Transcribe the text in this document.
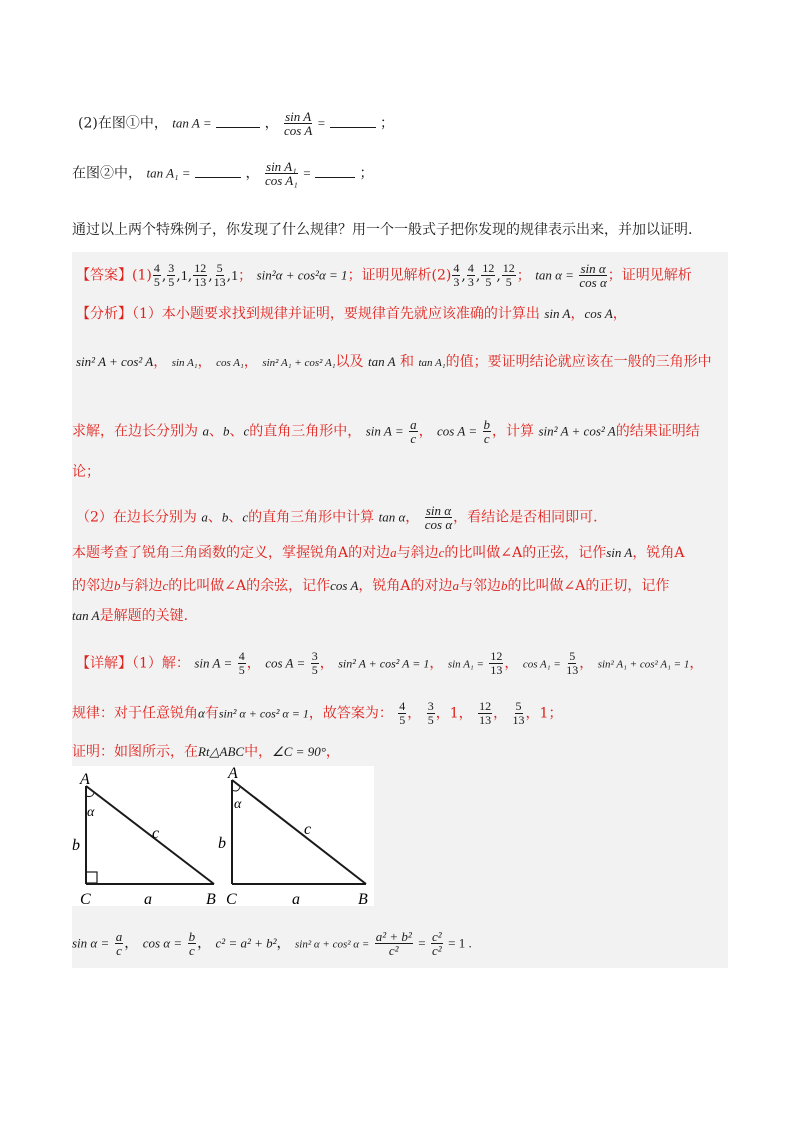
(2)在图①中， tan A =	， $\frac{\text{sin A}}{\text{cos A}}$ =	；
在图②中， tan A₁ =	， $\frac{\text{sin A₁}}{\text{cos A₁}}$ =	；
通过以上两个特殊例子，你发现了什么规律？用一个一般式子把你发现的规律表示出来，并加以证明.
【答案】$(1) \frac{4}{5}$ , $\frac{3}{5} ,1$, $\frac{12}{13}$ , $\frac{5}{13} ,1$； sin²α + cos²α = 1；证明见解析$(2) \frac{4}{3}$ , $\frac{4}{3}$ , $\frac{12}{5}$ , $\frac{12}{5}$ ； $\tan \alpha = \frac{\text{sin α}}{\text{cos α}}$ ；证明见解析
【分析】（1）本小题要求找到规律并证明，要规律首先就应该准确的计算出 sin A，cos A，
sin² A + cos² A， sin A₁， cos A₁， sin² A₁ + cos² A₁以及 tan A 和 tan A₁的值；要证明结论就应该在一般的三角形中
求解，在边长分别为 a、b、c的直角三角形中， $\sin A = \frac{a}{c}$ ， $\cos A = \frac{b}{c}$ ，计算 sin² A + cos² A的结果证明结
论；
（2）在边长分别为 a、b、c的直角三角形中计算 tan α， $\frac{\text{sin α}}{\text{cos α}}$ ，看结论是否相同即可.
本题考查了锐角三角函数的定义，掌握锐角A的对边a与斜边c的比叫做∠A的正弦，记作sin A，锐角A
的邻边b与斜边c的比叫做∠A的余弦，记作cos A，锐角A的对边a与邻边b的比叫做∠A的正切，记作
tan A是解题的关键.
【详解】（1）解： $\sin A = \frac{4}{5}$ ， $\cos A = \frac{3}{5}$ ， sin² A + cos² A = 1， $\sin A_1 = \frac{12}{13}$ ， $\cos A_1 = \frac{5}{13}$ ， sin² A₁ + cos² A₁ = 1，
规律：对于任意锐角α有sin² α + cos² α = 1，故答案为： $\frac{4}{5}$ ， $\frac{3}{5}$ ，1， $\frac{12}{13}$ ， $\frac{5}{13}$ ，1；
证明：如图所示，在Rt△ABC中，∠C = 90°，
A
α
b
c
C	a	B
A
α
b
c
C	a	B
$\sin \alpha = \frac{a}{c}$ ， $\cos \alpha = \frac{b}{c}$ ， c² = a² + b²， sin² α + cos² $\alpha = \frac{\text{a² + b²}}{\text{c²}} = \frac{\text{c²}}{\text{c²}} = 1$ .
